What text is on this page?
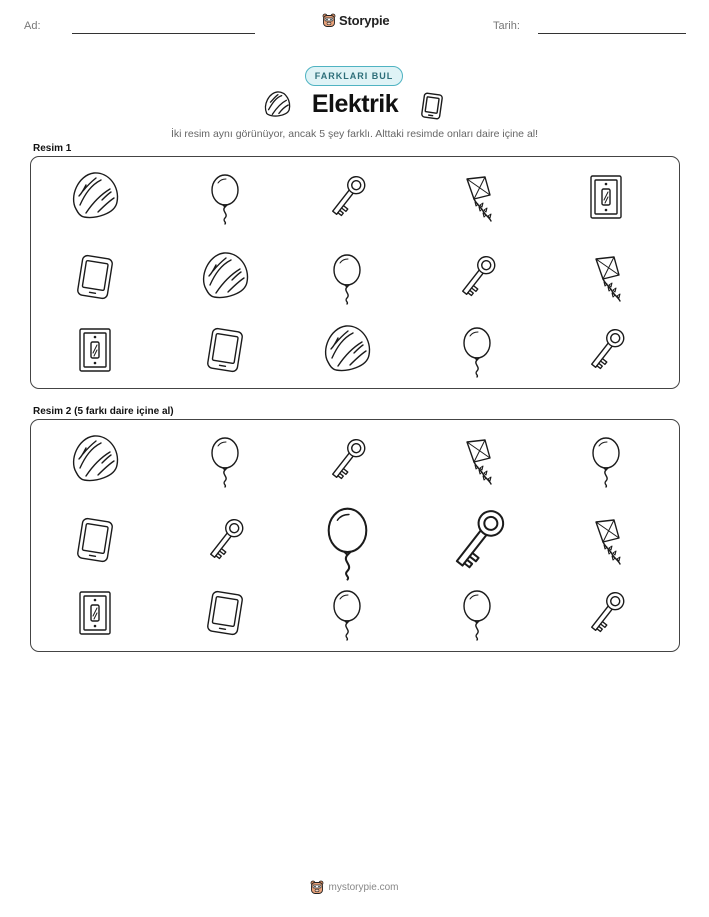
Ad:	Storypie	Tarih:
FARKLARI BUL
Elektrik
İki resim aynı görünüyor, ancak 5 şey farklı. Alttaki resimde onları daire içine al!
Resim 1
Resim 2 (5 farkı daire içine al)
mystorypie.com
